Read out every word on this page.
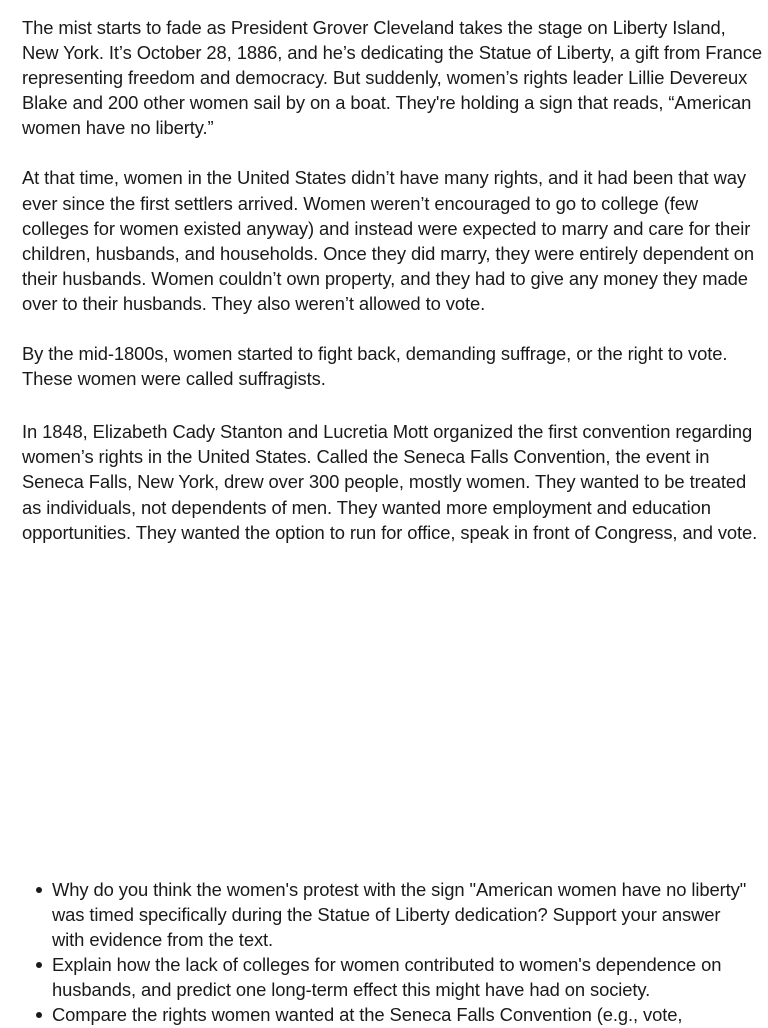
The mist starts to fade as President Grover Cleveland takes the stage on Liberty Island, New York. It’s October 28, 1886, and he’s dedicating the Statue of Liberty, a gift from France representing freedom and democracy. But suddenly, women’s rights leader Lillie Devereux Blake and 200 other women sail by on a boat. They're holding a sign that reads, “American women have no liberty.”

At that time, women in the United States didn’t have many rights, and it had been that way ever since the first settlers arrived. Women weren’t encouraged to go to college (few colleges for women existed anyway) and instead were expected to marry and care for their children, husbands, and households. Once they did marry, they were entirely dependent on their husbands. Women couldn’t own property, and they had to give any money they made over to their husbands. They also weren’t allowed to vote.

By the mid-1800s, women started to fight back, demanding suffrage, or the right to vote. These women were called suffragists.

In 1848, Elizabeth Cady Stanton and Lucretia Mott organized the first convention regarding women’s rights in the United States. Called the Seneca Falls Convention, the event in Seneca Falls, New York, drew over 300 people, mostly women. They wanted to be treated as individuals, not dependents of men. They wanted more employment and education opportunities. They wanted the option to run for office, speak in front of Congress, and vote.

Why do you think the women's protest with the sign "American women have no liberty" was timed specifically during the Statue of Liberty dedication? Support your answer with evidence from the text.
Explain how the lack of colleges for women contributed to women's dependence on husbands, and predict one long-term effect this might have had on society.
Compare the rights women wanted at the Seneca Falls Convention (e.g., vote,
